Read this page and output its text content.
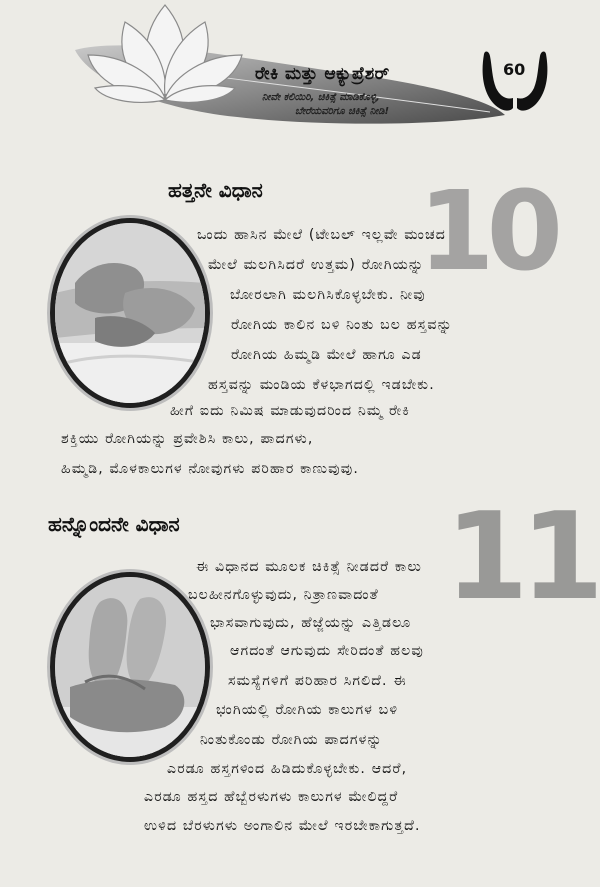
ರೇಕಿ ಮತ್ತು ಆಕ್ಯುಪ್ರೆಶರ್
ನೀವೇ ಕಲಿಯಿರಿ, ಚಿಕಿತ್ಸೆ ಮಾಡಿಕೊಳ್ಳಿ,
ಬೇರೆಯವರಿಗೂ ಚಿಕಿತ್ಸೆ ನೀಡಿ!
60
10
11
ಹತ್ತನೇ ವಿಧಾನ
ಒಂದು ಹಾಸಿನ ಮೇಲೆ (ಟೇಬಲ್ ಇಲ್ಲವೇ ಮಂಚದ
ಮೇಲೆ ಮಲಗಿಸಿದರೆ ಉತ್ತಮ) ರೋಗಿಯನ್ನು
ಬೋರಲಾಗಿ ಮಲಗಿಸಿಕೊಳ್ಳಬೇಕು. ನೀವು
ರೋಗಿಯ ಕಾಲಿನ ಬಳಿ ನಿಂತು ಬಲ ಹಸ್ತವನ್ನು
ರೋಗಿಯ ಹಿಮ್ಮಡಿ ಮೇಲೆ ಹಾಗೂ ಎಡ
ಹಸ್ತವನ್ನು ಮಂಡಿಯ ಕೆಳಭಾಗದಲ್ಲಿ ಇಡಬೇಕು.
ಹೀಗೆ ಐದು ನಿಮಿಷ ಮಾಡುವುದರಿಂದ ನಿಮ್ಮ ರೇಕಿ
ಶಕ್ತಿಯು ರೋಗಿಯನ್ನು ಪ್ರವೇಶಿಸಿ ಕಾಲು, ಪಾದಗಳು,
ಹಿಮ್ಮಡಿ, ಮೊಳಕಾಲುಗಳ ನೋವುಗಳು ಪರಿಹಾರ ಕಾಣುವುವು.
ಹನ್ನೊಂದನೇ ವಿಧಾನ
ಈ ವಿಧಾನದ ಮೂಲಕ ಚಿಕಿತ್ಸೆ ನೀಡದರೆ ಕಾಲು
ಬಲಹೀನಗೊಳ್ಳುವುದು, ನಿತ್ರಾಣವಾದಂತೆ
ಭಾಸವಾಗುವುದು, ಹೆಜ್ಜೆಯನ್ನು ಎತ್ತಿಡಲೂ
ಆಗದಂತೆ ಆಗುವುದು ಸೇರಿದಂತೆ ಹಲವು
ಸಮಸ್ಯೆಗಳಿಗೆ ಪರಿಹಾರ ಸಿಗಲಿದೆ. ಈ
ಭಂಗಿಯಲ್ಲಿ ರೋಗಿಯ ಕಾಲುಗಳ ಬಳಿ
ನಿಂತುಕೊಂಡು ರೋಗಿಯ ಪಾದಗಳನ್ನು
ಎರಡೂ ಹಸ್ತಗಳಿಂದ ಹಿಡಿದುಕೊಳ್ಳಬೇಕು. ಆದರೆ,
ಎರಡೂ ಹಸ್ತದ ಹೆಬ್ಬೆರಳುಗಳು ಕಾಲುಗಳ ಮೇಲಿದ್ದರೆ
ಉಳಿದ ಬೆರಳುಗಳು ಅಂಗಾಲಿನ ಮೇಲೆ ಇರಬೇಕಾಗುತ್ತದೆ.
